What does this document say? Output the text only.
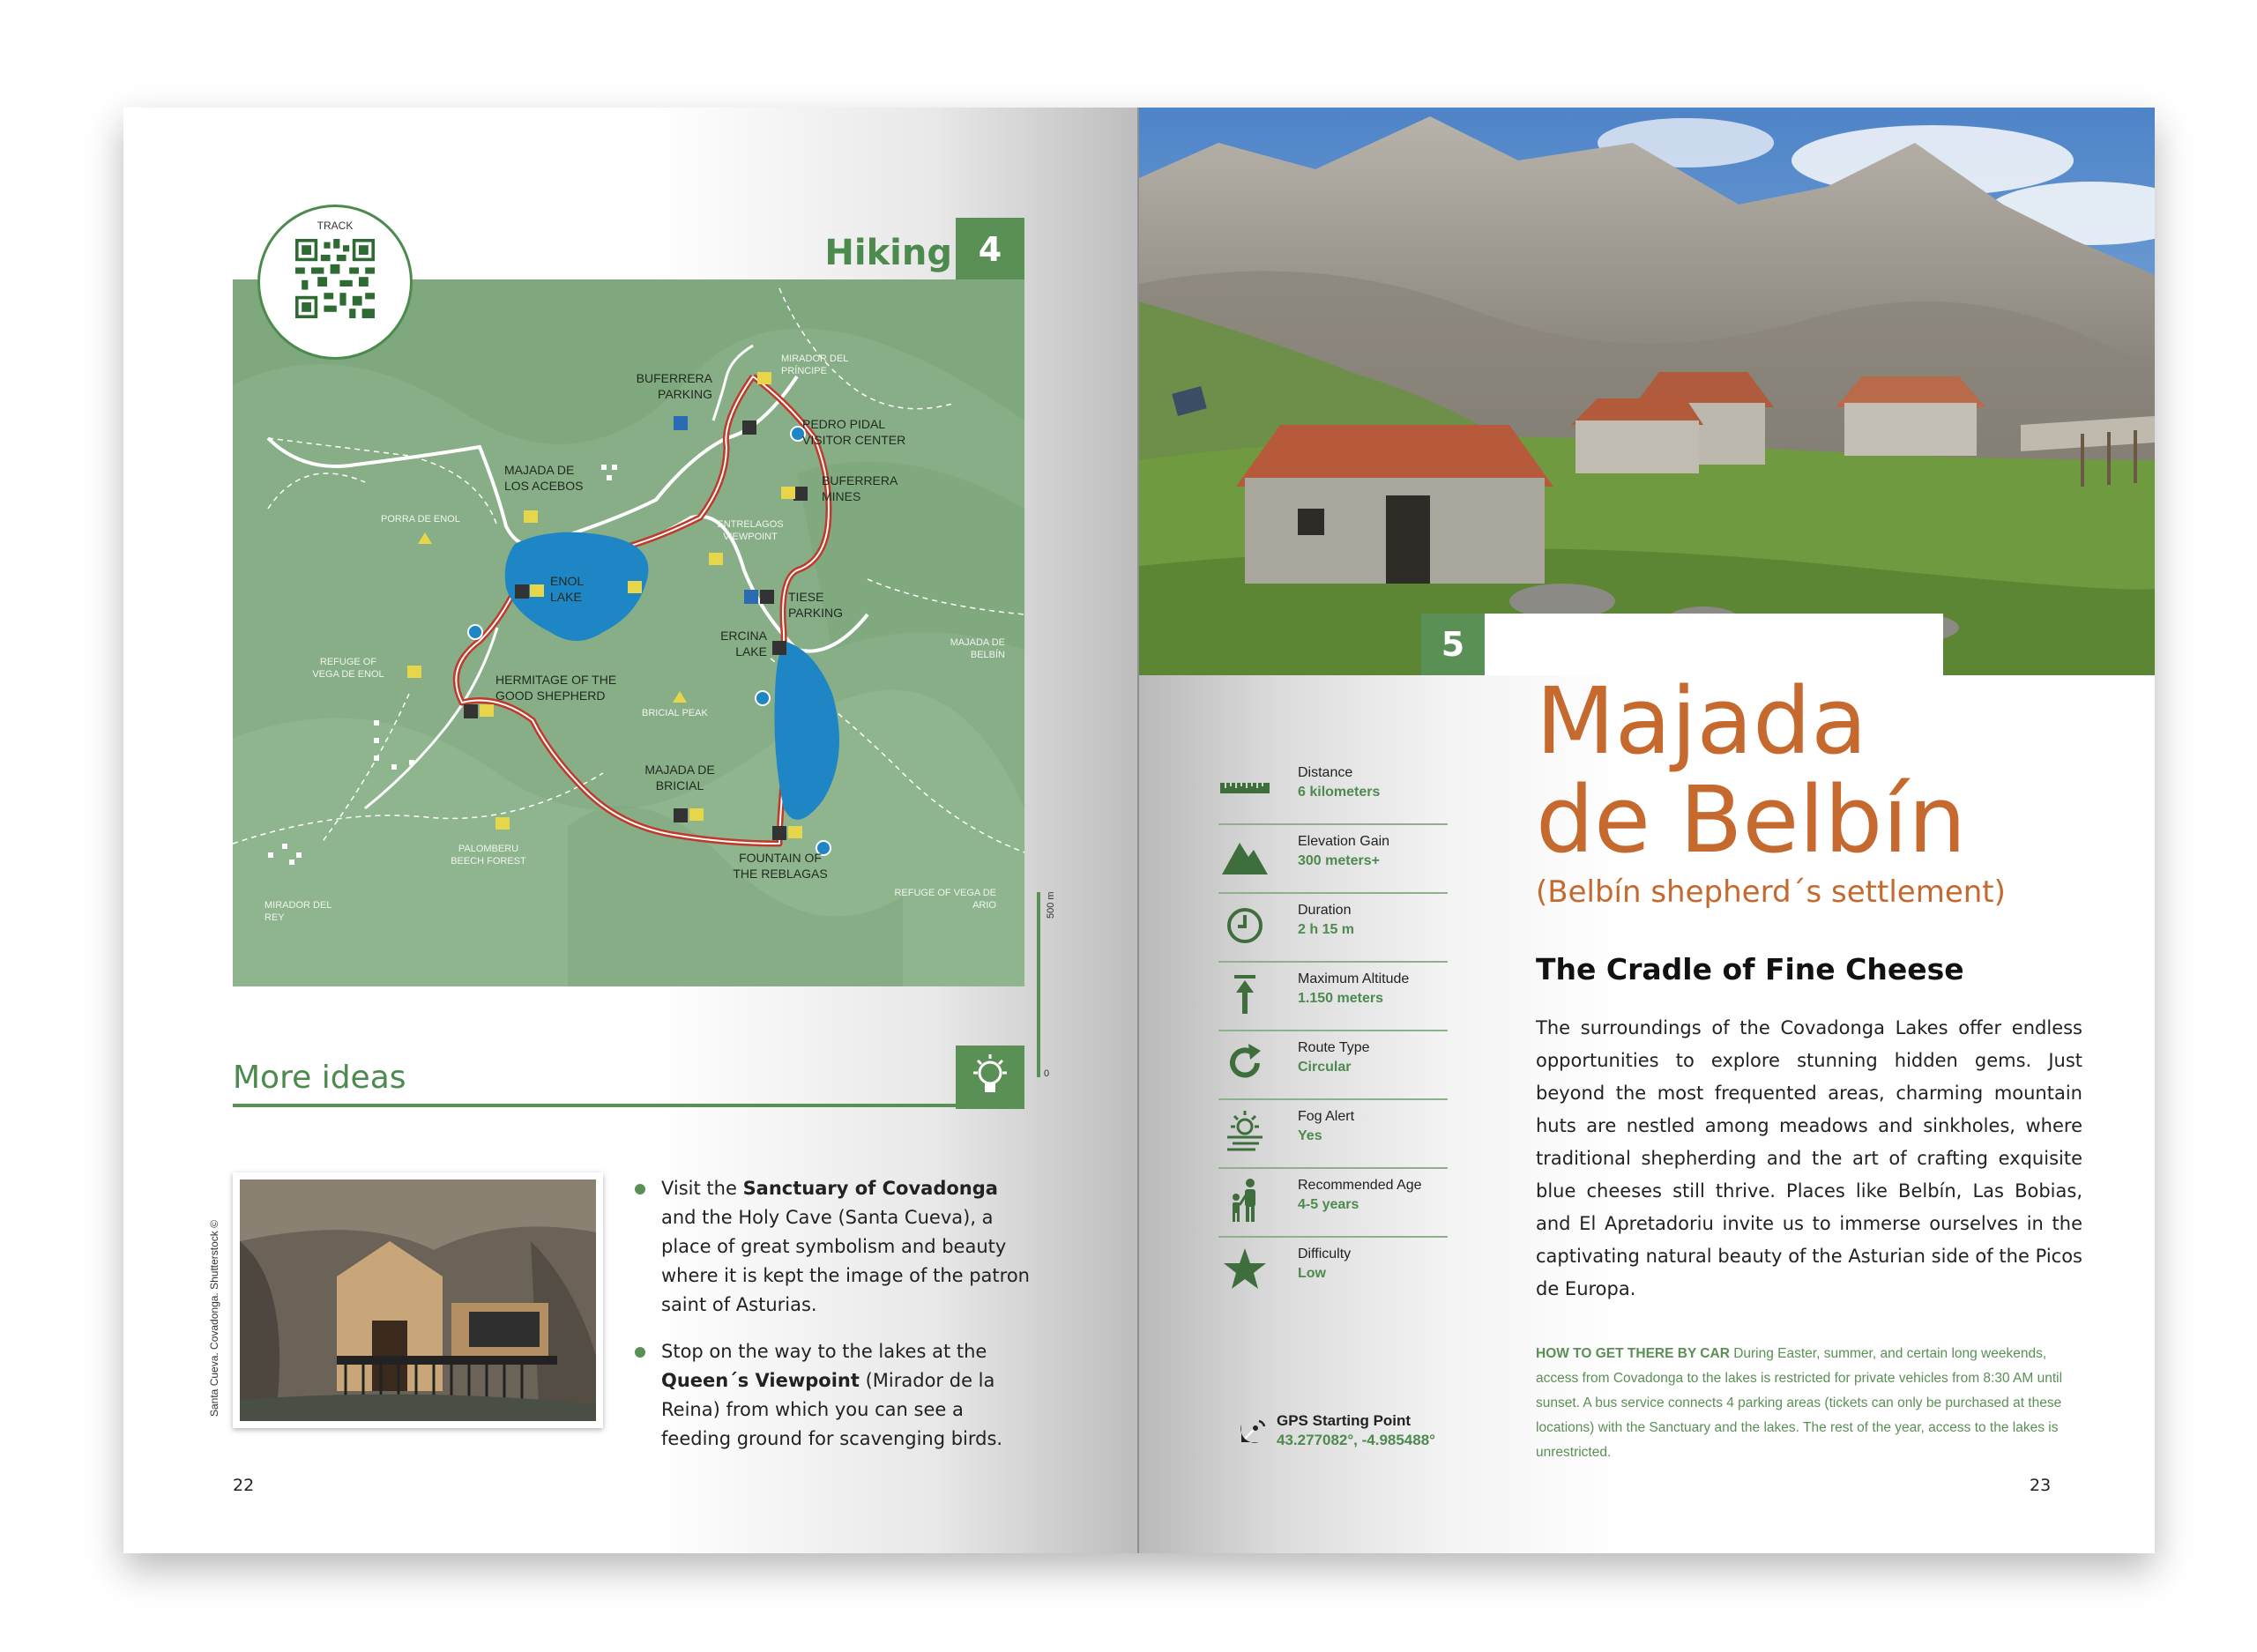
Hiking 4
500 m
0
BUFERRERA PARKING
MIRADOR DEL PRÍNCIPE
PEDRO PIDAL VISITOR CENTER
BUFERRERA MINES
MAJADA DE LOS ACEBOS
PORRA DE ENOL	ENTRELAGOS VIEWPOINT
ENOL LAKE	TIESE PARKING
ERCINA LAKE
MAJADA DE BELBÍN
REFUGE OF VEGA DE ENOL	HERMITAGE OF THE GOOD SHEPHERD
BRICIAL PEAK
MAJADA DE BRICIAL
FOUNTAIN OF THE REBLAGAS
PALOMBERU BEECH FOREST
MIRADOR DEL REY
REFUGE OF VEGA DE ARIO
TRACK
More ideas
Santa Cueva. Covadonga. Shutterstock ©
Visit the Sanctuary of Covadonga and the Holy Cave (Santa Cueva), a place of great symbolism and beauty where it is kept the image of the patron saint of Asturias.
Stop on the way to the lakes at the Queen´s Viewpoint (Mirador de la Reina) from which you can see a feeding ground for scavenging birds.
22
5
Majada
de Belbín
(Belbín shepherd´s settlement)
The Cradle of Fine Cheese
The surroundings of the Covadonga Lakes offer endless opportunities to explore stunning hidden gems. Just beyond the most frequented areas, charming mountain huts are nestled among meadows and sinkholes, where traditional shepherding and the art of crafting exquisite blue cheeses still thrive. Places like Belbín, Las Bobias, and El Apretadoriu invite us to immerse ourselves in the captivating natural beauty of the Asturian side of the Picos de Europa.
HOW TO GET THERE BY CAR During Easter, summer, and certain long weekends, access from Covadonga to the lakes is restricted for private vehicles from 8:30 AM until sunset. A bus service connects 4 parking areas (tickets can only be purchased at these locations) with the Sanctuary and the lakes. The rest of the year, access to the lakes is unrestricted.
Distance
6 kilometers
Elevation Gain
300 meters+
Duration
2 h 15 m
Maximum Altitude
1.150 meters
Route Type
Circular
Fog Alert
Yes
Recommended Age
4-5 years
Difficulty
Low
GPS Starting Point
43.277082°, -4.985488°
23
